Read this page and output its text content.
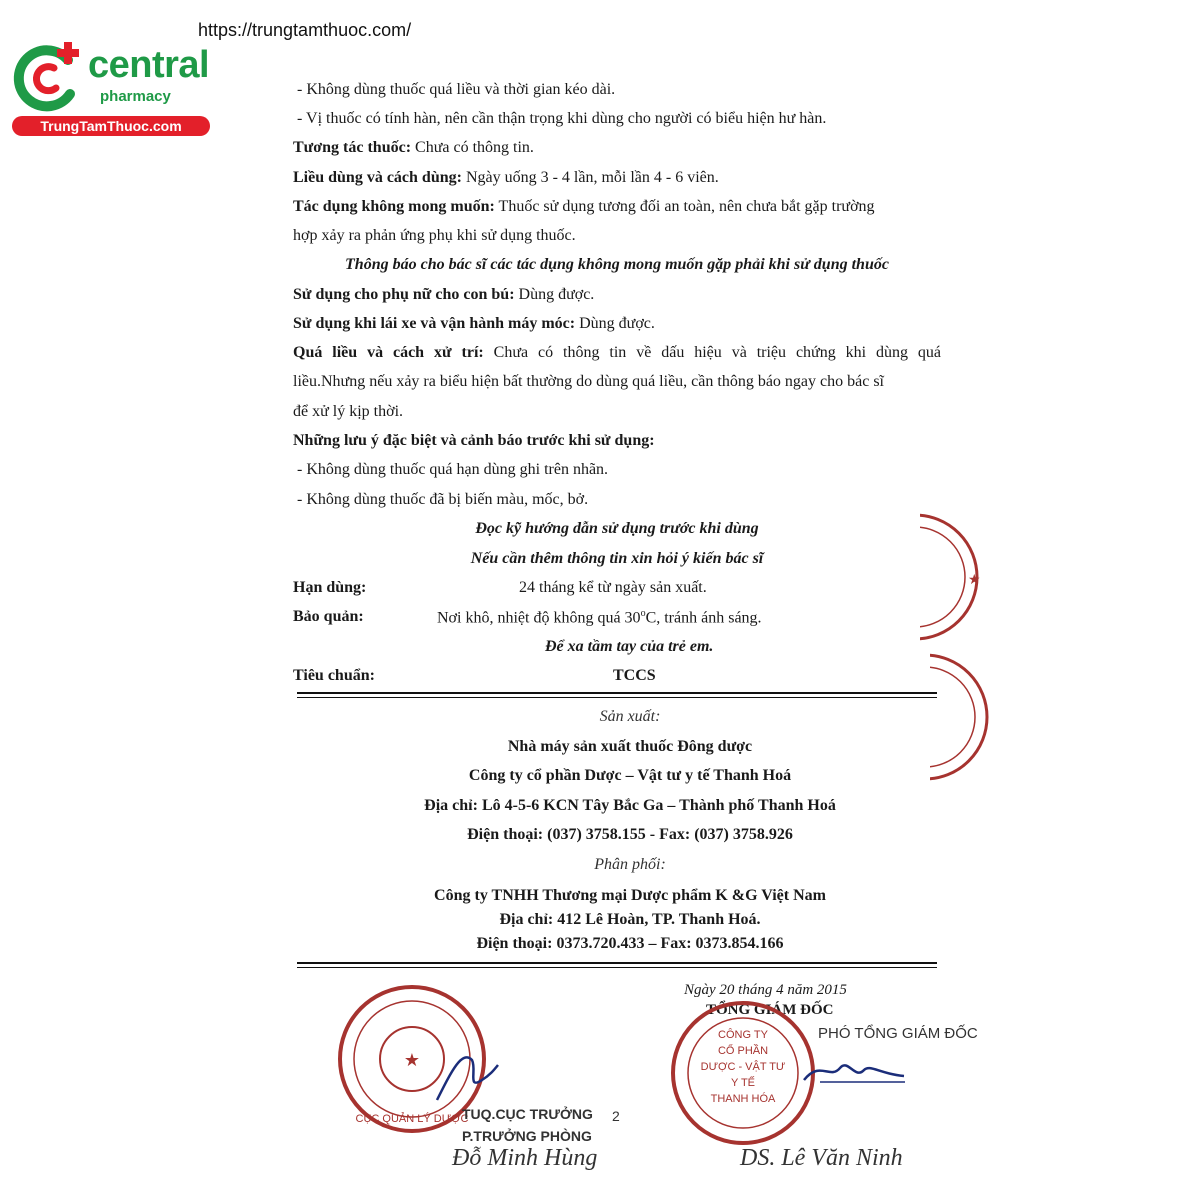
https://trungtamthuoc.com/
central
pharmacy
TrungTamThuoc.com
- Không dùng thuốc quá liều và thời gian kéo dài.
- Vị thuốc có tính hàn, nên cần thận trọng khi dùng cho người có biểu hiện hư hàn.
Tương tác thuốc: Chưa có thông tin.
Liều dùng và cách dùng: Ngày uống 3 - 4 lần, mỗi lần 4 - 6 viên.
Tác dụng không mong muốn: Thuốc sử dụng tương đối an toàn, nên chưa bắt gặp trường
hợp xảy ra phản ứng phụ khi sử dụng thuốc.
Thông báo cho bác sĩ các tác dụng không mong muốn gặp phải khi sử dụng thuốc
Sử dụng cho phụ nữ cho con bú: Dùng được.
Sử dụng khi lái xe và vận hành máy móc: Dùng được.
Quá liều và cách xử trí: Chưa có thông tin về dấu hiệu và triệu chứng khi dùng quá
liều.Nhưng nếu xảy ra biểu hiện bất thường do dùng quá liều, cần thông báo ngay cho bác sĩ
để xử lý kịp thời.
Những lưu ý đặc biệt và cảnh báo trước khi sử dụng:
- Không dùng thuốc quá hạn dùng ghi trên nhãn.
- Không dùng thuốc đã bị biến màu, mốc, bở.
Đọc kỹ hướng dẫn sử dụng trước khi dùng
Nếu cần thêm thông tin xin hỏi ý kiến bác sĩ
Hạn dùng:	24 tháng kể từ ngày sản xuất.
Bảo quản:	Nơi khô, nhiệt độ không quá 30$^o$C, tránh ánh sáng.
Để xa tầm tay của trẻ em.
Tiêu chuẩn:	TCCS
Sản xuất:
Nhà máy sản xuất thuốc Đông dược
Công ty cổ phần Dược – Vật tư y tế Thanh Hoá
Địa chỉ: Lô 4-5-6 KCN Tây Bắc Ga – Thành phố Thanh Hoá
Điện thoại: (037) 3758.155 - Fax: (037) 3758.926
Phân phối:
Công ty TNHH Thương mại Dược phẩm K &G Việt Nam
Địa chỉ: 412 Lê Hoàn, TP. Thanh Hoá.
Điện thoại: 0373.720.433 – Fax: 0373.854.166
★
★
CỤC QUẢN LÝ DƯỢC
TUQ.CỤC TRƯỞNG 2
P.TRƯỞNG PHÒNG
Đỗ Minh Hùng
Ngày 20 tháng 4 năm 2015
TỔNG GIÁM ĐỐC
PHÓ TỔNG GIÁM ĐỐC
CÔNG TY
CỔ PHẦN
DƯỢC - VẬT TƯ
Y TẾ
THANH HÓA
DS. Lê Văn Ninh
